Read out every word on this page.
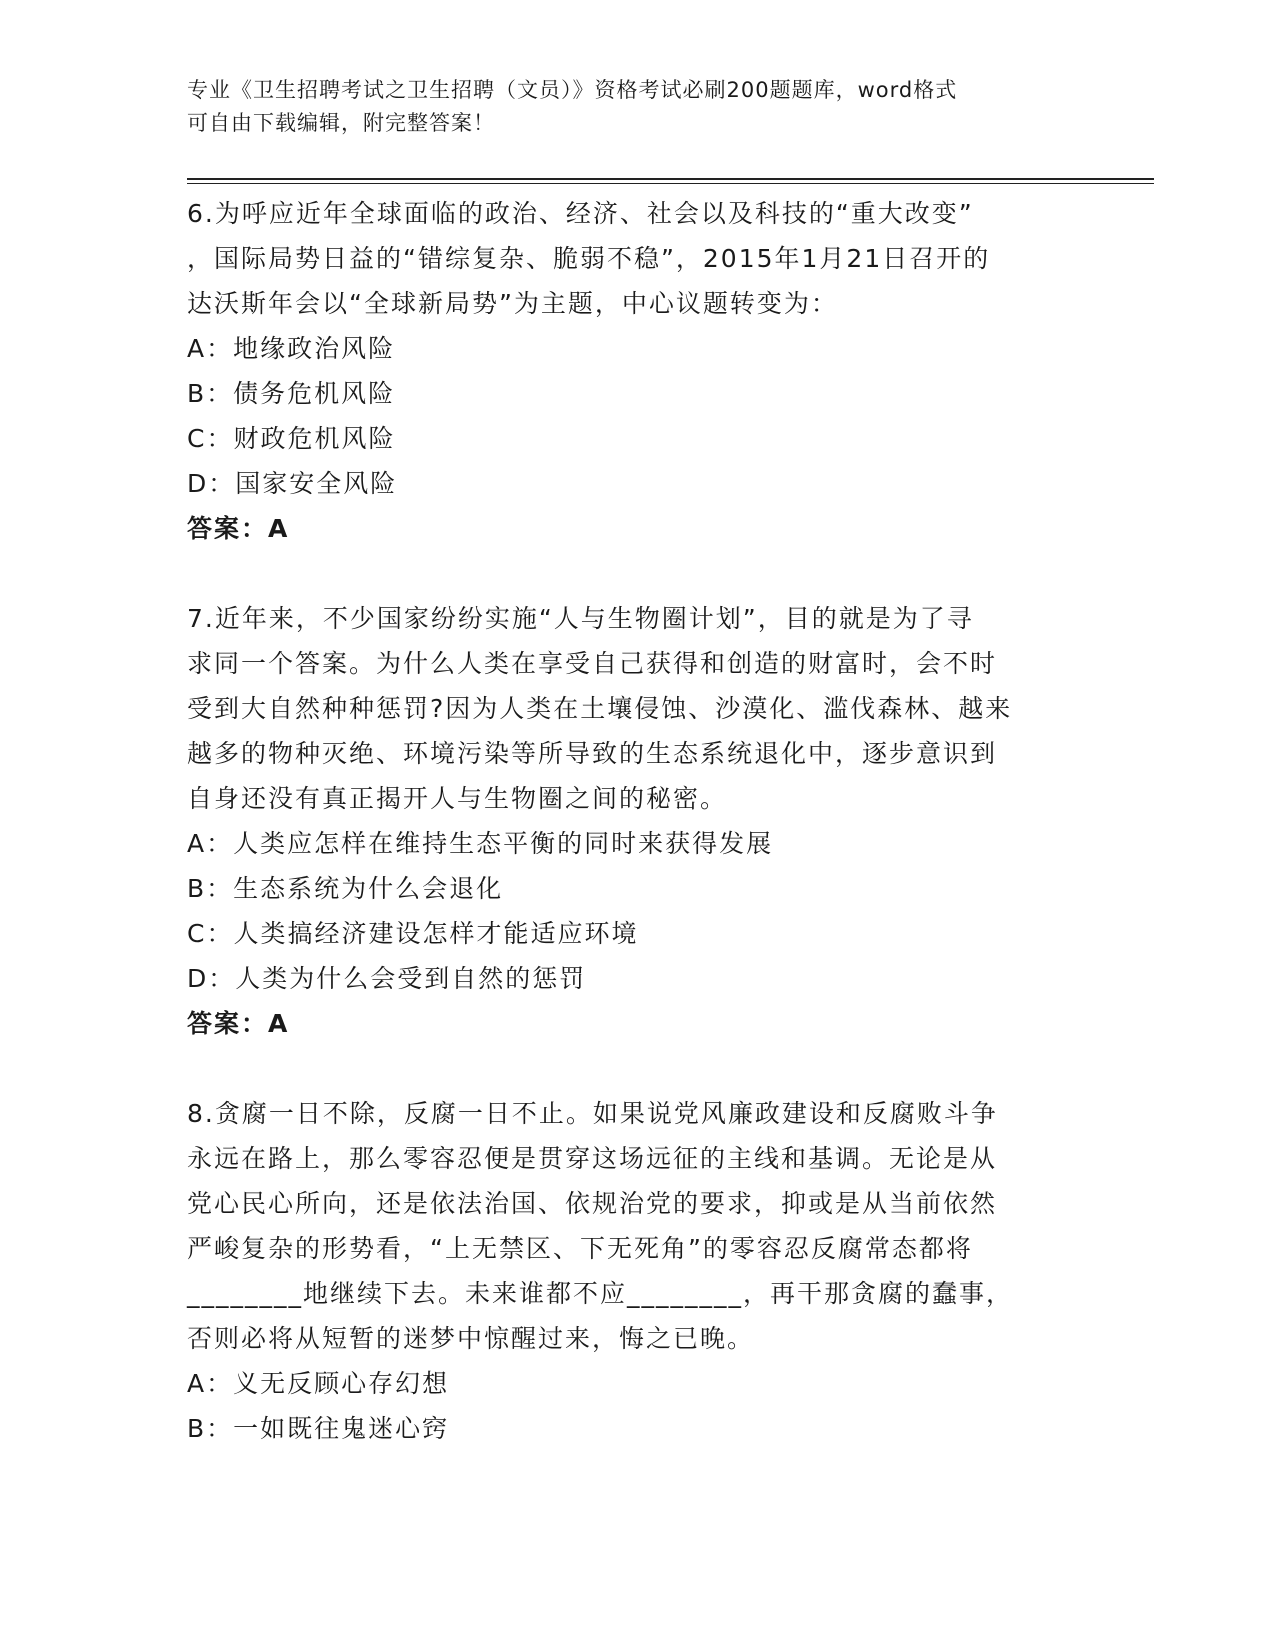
专业《卫生招聘考试之卫生招聘（文员）》资格考试必刷200题题库，word格式
可自由下载编辑，附完整答案！

6.为呼应近年全球面临的政治、经济、社会以及科技的“重大改变”

，国际局势日益的“错综复杂、脆弱不稳”，2015年1月21日召开的

达沃斯年会以“全球新局势”为主题，中心议题转变为：

A：地缘政治风险

B：债务危机风险

C：财政危机风险

D：国家安全风险

答案：A

7.近年来，不少国家纷纷实施“人与生物圈计划”，目的就是为了寻

求同一个答案。为什么人类在享受自己获得和创造的财富时，会不时

受到大自然种种惩罚?因为人类在土壤侵蚀、沙漠化、滥伐森林、越来

越多的物种灭绝、环境污染等所导致的生态系统退化中，逐步意识到

自身还没有真正揭开人与生物圈之间的秘密。

A：人类应怎样在维持生态平衡的同时来获得发展

B：生态系统为什么会退化

C：人类搞经济建设怎样才能适应环境

D：人类为什么会受到自然的惩罚

答案：A

8.贪腐一日不除，反腐一日不止。如果说党风廉政建设和反腐败斗争

永远在路上，那么零容忍便是贯穿这场远征的主线和基调。无论是从

党心民心所向，还是依法治国、依规治党的要求，抑或是从当前依然

严峻复杂的形势看，“上无禁区、下无死角”的零容忍反腐常态都将

________地继续下去。未来谁都不应________，再干那贪腐的蠢事，

否则必将从短暂的迷梦中惊醒过来，悔之已晚。

A：义无反顾心存幻想

B：一如既往鬼迷心窍
